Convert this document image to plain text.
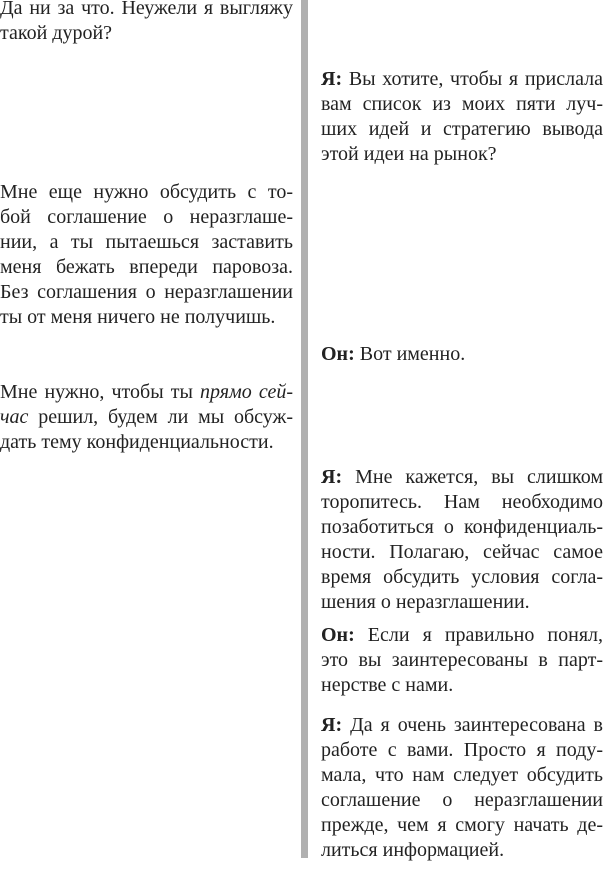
Да ни за что. Неужели я выгляжу
такой дурой?

Мне еще нужно обсудить с то-
бой соглашение о неразглаше-
нии, а ты пытаешься заставить
меня бежать впереди паровоза.
Без соглашения о неразглашении
ты от меня ничего не получишь.

Мне нужно, чтобы ты прямо сей-
час решил, будем ли мы обсуж-
дать тему конфиденциальности.

Я: Вы хотите, чтобы я прислала
вам список из моих пяти луч-
ших идей и стратегию вывода
этой идеи на рынок?

Он: Вот именно.

Я: Мне кажется, вы слишком
торопитесь. Нам необходимо
позаботиться о конфиденциаль-
ности. Полагаю, сейчас самое
время обсудить условия согла-
шения о неразглашении.

Он: Если я правильно понял,
это вы заинтересованы в парт-
нерстве с нами.

Я: Да я очень заинтересована в
работе с вами. Просто я поду-
мала, что нам следует обсудить
соглашение о неразглашении
прежде, чем я смогу начать де-
литься информацией.
